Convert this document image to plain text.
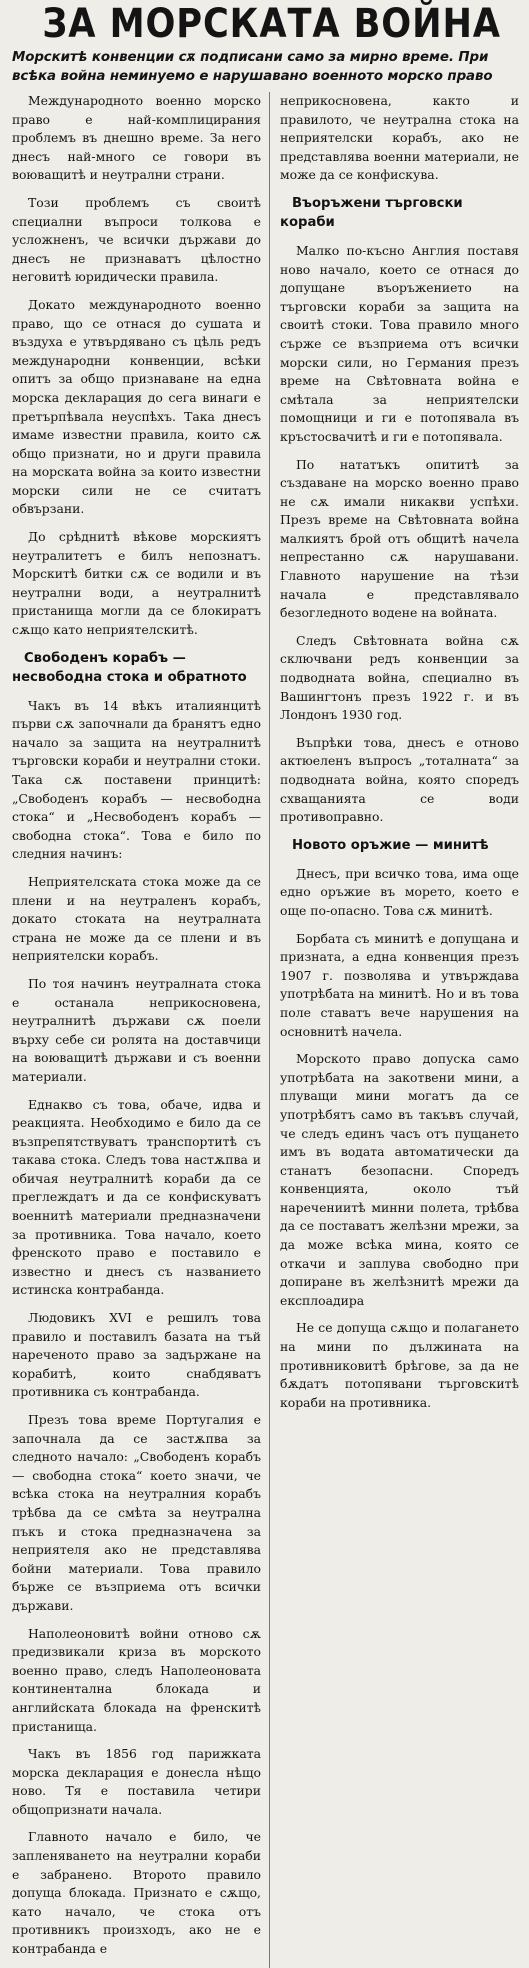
ЗА МОРСКАТА ВОЙНА
Морскитѣ конвенции сѫ подписани само за мирно време. При всѣка война неминуемо е нарушавано военното морско право

Международното военно морско право е най-комплицирания проблемъ въ днешно време. За него днесъ най-много се говори въ воюващитѣ и неутрални страни.

Този проблемъ съ своитѣ специални въпроси толкова е усложненъ, че всички държави до днесъ не признаватъ цѣлостно неговитѣ юридически правила.

Докато международното военно право, що се отнася до сушата и въздуха е утвърдявано съ цѣль редъ международни конвенции, всѣки опитъ за общо признаване на една морска декларация до сега винаги е претърпѣвала неуспѣхъ. Така днесъ имаме известни правила, които сѫ общо признати, но и други правила на морската война за които известни морски сили не се считатъ обвързани.

До срѣднитѣ вѣкове морскиятъ неутралитетъ е билъ непознатъ. Морскитѣ битки сѫ се водили и въ неутрални води, а неутралнитѣ пристанища могли да се блокиратъ сѫщо като неприятелскитѣ.

Свободенъ корабъ — несвободна стока и обратното

Чакъ въ 14 вѣкъ италиянцитѣ първи сѫ започнали да бранятъ едно начало за защита на неутралнитѣ търговски кораби и неутрални стоки. Така сѫ поставени принцитѣ: „Свободенъ корабъ — несвободна стока“ и „Несвободенъ корабъ — свободна стока“. Това е било по следния начинъ:

Неприятелската стока може да се плени и на неутраленъ корабъ, докато стоката на неутралната страна не може да се плени и въ неприятелски корабъ.

По тоя начинъ неутралната стока е останала неприкосновена, неутралнитѣ държави сѫ поели върху себе си ролята на доставчици на воюващитѣ държави и съ военни материали.

Еднакво съ това, обаче, идва и реакцията. Необходимо е било да се възпрепятствуватъ транспортитѣ съ такава стока. Следъ това настѫпва и обичая неутралнитѣ кораби да се преглеждатъ и да се конфискуватъ военнитѣ материали предназначени за противника. Това начало, което френското право е поставило е известно и днесъ съ названието истинска контрабанда.

Людовикъ XVI е решилъ това правило и поставилъ базата на тъй нареченото право за задържане на корабитѣ, които снабдяватъ противника съ контрабанда.

Презъ това време Португалия е започнала да се застѫпва за следното начало: „Свободенъ корабъ — свободна стока“ което значи, че всѣка стока на неутралния корабъ трѣбва да се смѣта за неутрална пъкъ и стока предназначена за неприятеля ако не представлява бойни материали. Това правило бърже се възприема отъ всички държави.

Наполеоновитѣ войни отново сѫ предизвикали криза въ морското военно право, следъ Наполеоновата континентална блокада и английската блокада на френскитѣ пристанища.

Чакъ въ 1856 год парижката морска декларация е донесла нѣщо ново. Тя е поставила четири общопризнати начала.

Главното начало е било, че запленяването на неутрални кораби е забранено. Второто правило допуща блокада. Признато е сѫщо, като начало, че стока отъ противникъ произходъ, ако не е контрабанда е

неприкосновена, както и правилото, че неутрална стока на неприятелски корабъ, ако не представлява военни материали, не може да се конфискува.

Въоръжени търговски кораби

Малко по-късно Англия поставя ново начало, което се отнася до допущане въоръжението на търговски кораби за защита на своитѣ стоки. Това правило много сърже се възприема отъ всички морски сили, но Германия презъ време на Свѣтовната война е смѣтала за неприятелски помощници и ги е потопявала въ кръстосвачитѣ и ги е потопявала.

По нататъкъ опититѣ за създаване на морско военно право не сѫ имали никакви успѣхи. Презъ време на Свѣтовната война малкиятъ брой отъ общитѣ начела непрестанно сѫ нарушавани. Главното нарушение на тѣзи начала е представлявало безогледното водене на войната.

Следъ Свѣтовната война сѫ сключвани редъ конвенции за подводната война, специално въ Вашингтонъ презъ 1922 г. и въ Лондонъ 1930 год.

Въпрѣки това, днесъ е отново актюеленъ въпросъ „тоталната“ за подводната война, която споредъ схващанията се води противоправно.

Новото оръжие — минитѣ

Днесъ, при всичко това, има още едно оръжие въ морето, което е още по-опасно. Това сѫ минитѣ.

Борбата съ минитѣ е допущана и призната, а една конвенция презъ 1907 г. позволява и утвърждава употрѣбата на минитѣ. Но и въ това поле ставатъ вече нарушения на основнитѣ начела.

Морското право допуска само употрѣбата на закотвени мини, а плуващи мини могатъ да се употрѣбятъ само въ такъвъ случай, че следъ единъ часъ отъ пущането имъ въ водата автоматически да станатъ безопасни. Споредъ конвенцията, около тъй наречениитѣ минни полета, трѣбва да се поставатъ желѣзни мрежи, за да може всѣка мина, която се откачи и заплува свободно при допиране въ желѣзнитѣ мрежи да експлоадира

Не се допуща сѫщо и полагането на мини по дължината на противниковитѣ брѣгове, за да не бѫдатъ потопявани търговскитѣ кораби на противника.
